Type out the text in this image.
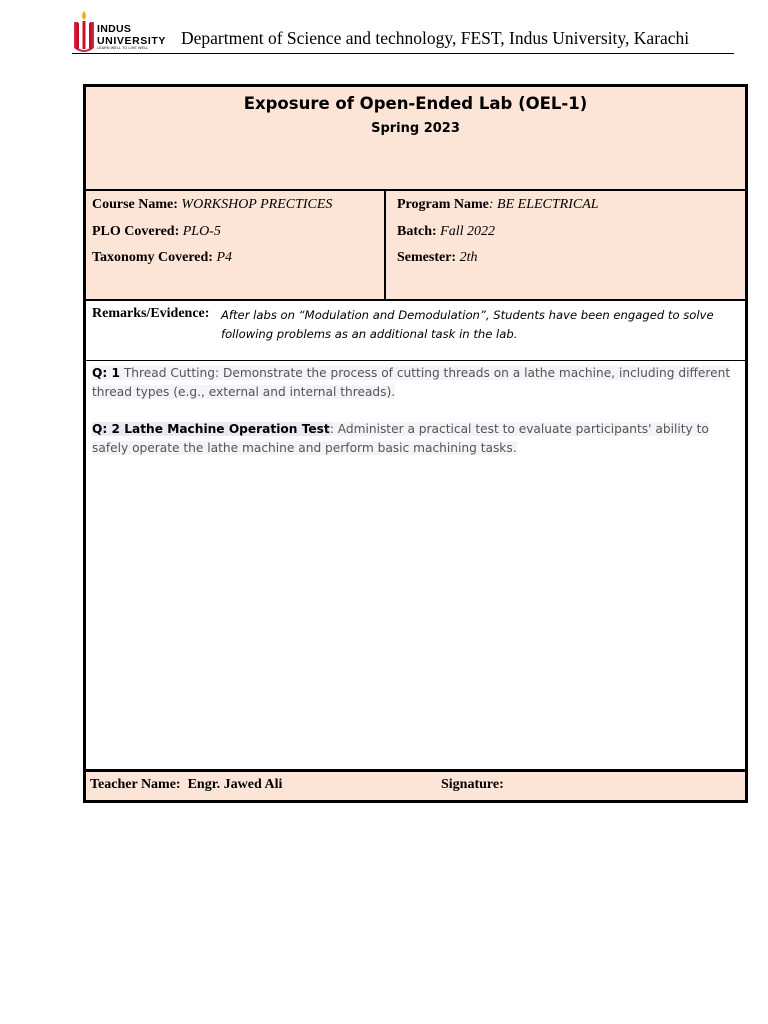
INDUS
UNIVERSITY
LEARN WELL TO LIVE WELL	Department of Science and technology, FEST, Indus University, Karachi
Exposure of Open-Ended Lab (OEL-1)
Spring 2023
Course Name: WORKSHOP PRECTICES
PLO Covered: PLO-5
Taxonomy Covered: P4
Program Name: BE ELECTRICAL
Batch: Fall 2022
Semester: 2th
Remarks/Evidence: After labs on “Modulation and Demodulation”, Students have been engaged to solve following problems as an additional task in the lab.
Q: 1 Thread Cutting: Demonstrate the process of cutting threads on a lathe machine, including different thread types (e.g., external and internal threads).
Q: 2 Lathe Machine Operation Test: Administer a practical test to evaluate participants' ability to safely operate the lathe machine and perform basic machining tasks.
Teacher Name:  Engr. Jawed Ali	Signature:
